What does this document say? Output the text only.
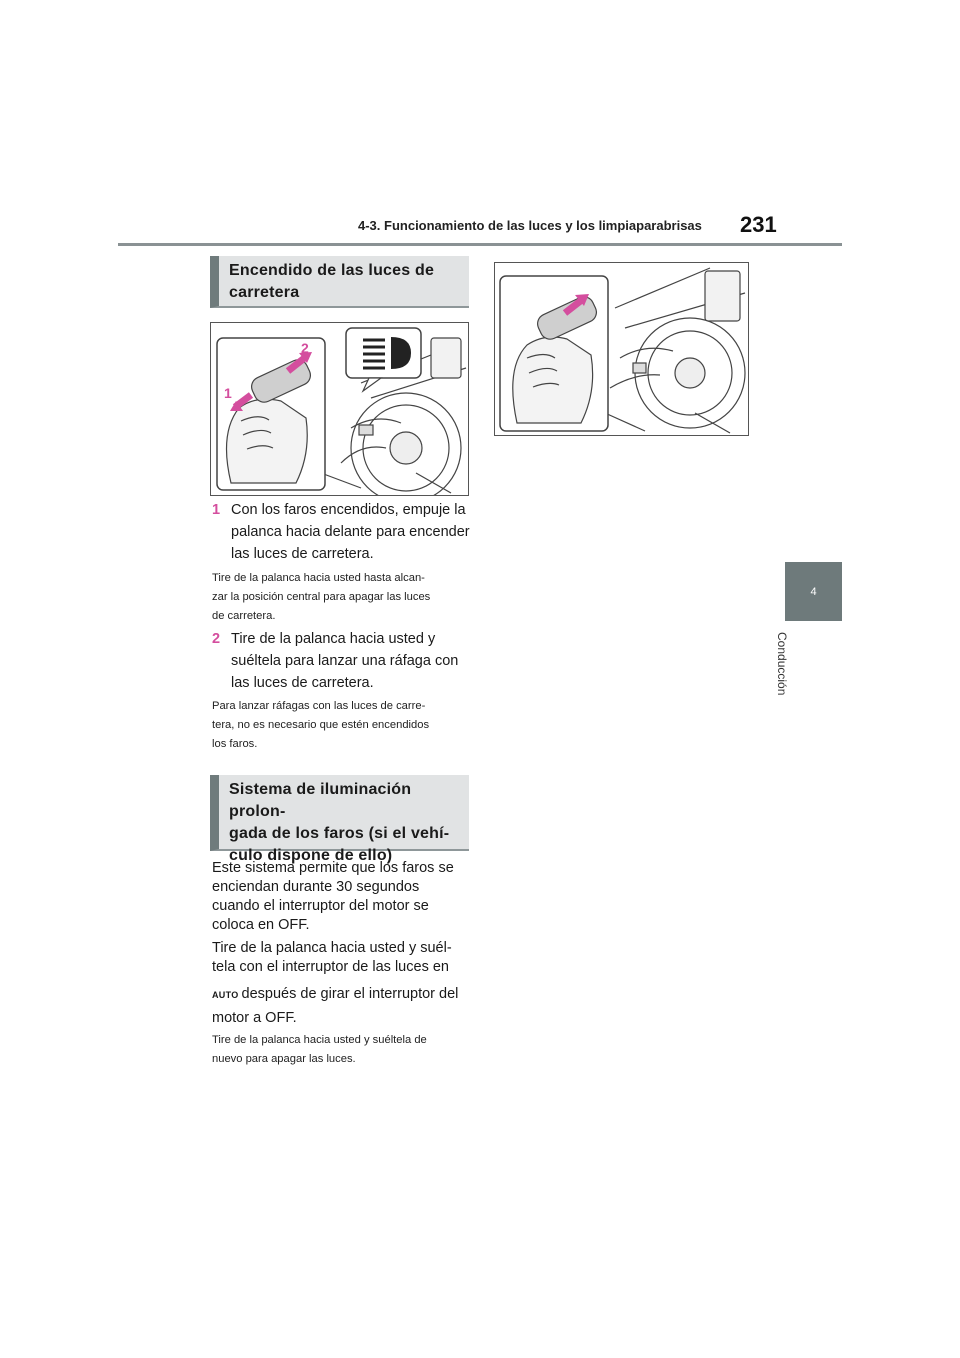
4-3. Funcionamiento de las luces y los limpiaparabrisas 231
4
Conducción
Encendido de las luces de
carretera
2
1
1 Con los faros encendidos, empuje la palanca hacia delante para encender las luces de carretera.
Tire de la palanca hacia usted hasta alcan-
zar la posición central para apagar las luces
de carretera.
2 Tire de la palanca hacia usted y suéltela para lanzar una ráfaga con las luces de carretera.
Para lanzar ráfagas con las luces de carre-
tera, no es necesario que estén encendidos
los faros.
Sistema de iluminación prolon-
gada de los faros (si el vehí-
culo dispone de ello)
Este sistema permite que los faros se
enciendan durante 30 segundos
cuando el interruptor del motor se
coloca en OFF.
Tire de la palanca hacia usted y suél-
tela con el interruptor de las luces en
AUTO después de girar el interruptor del
motor a OFF.
Tire de la palanca hacia usted y suéltela de
nuevo para apagar las luces.
